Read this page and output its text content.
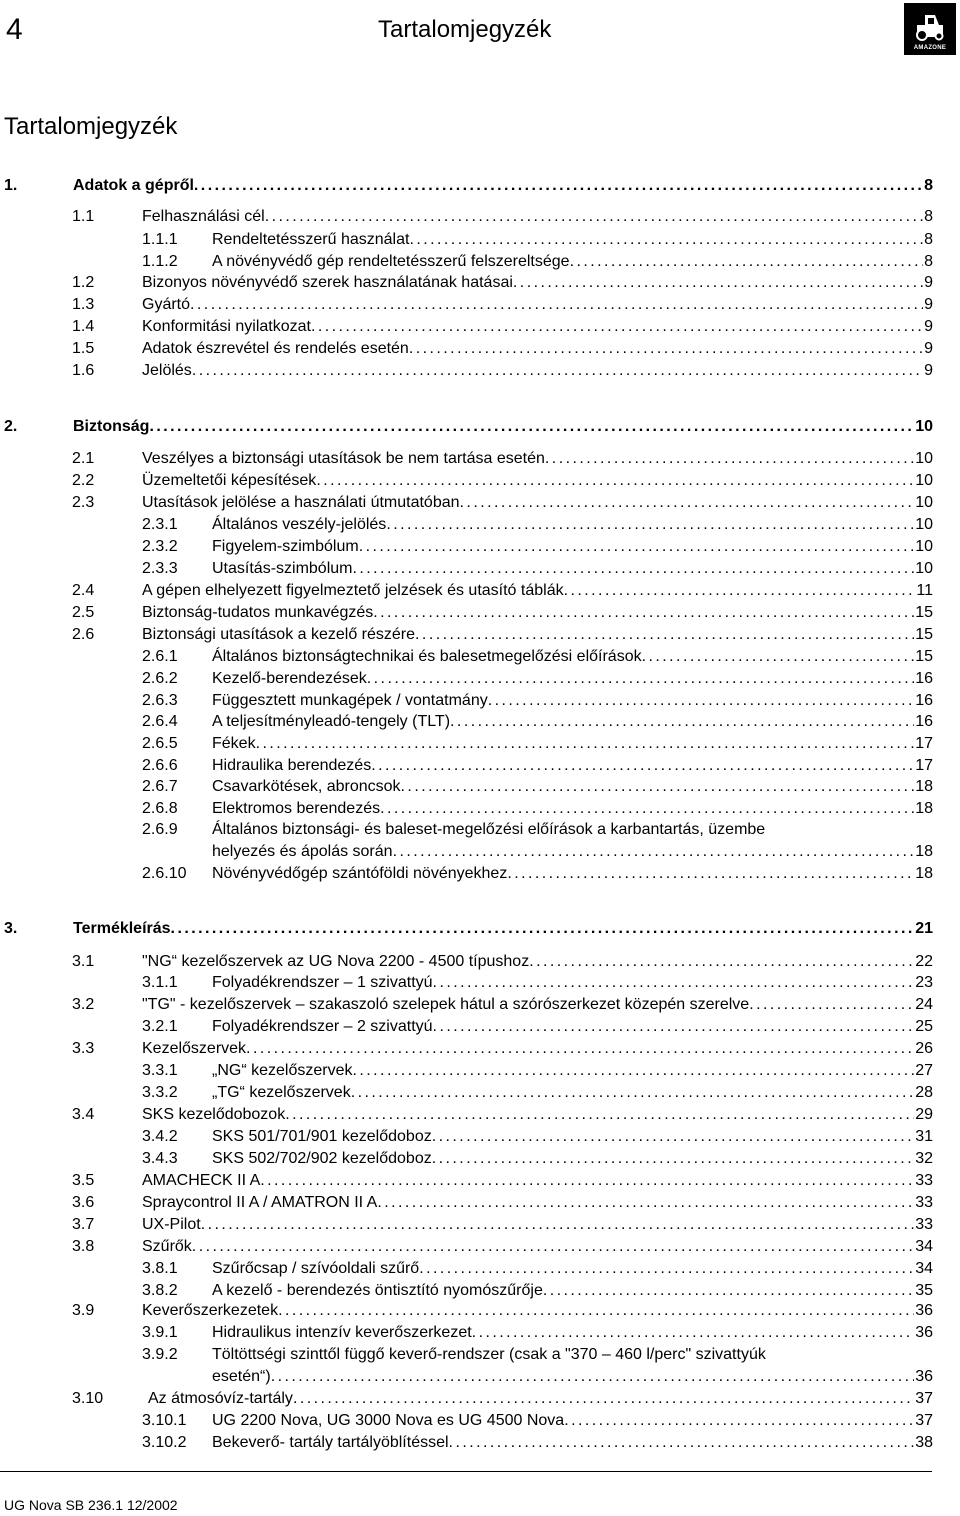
4	Tartalomjegyzék
AMAZONE
Tartalomjegyzék
1.	Adatok a gépről . . .	8
1.1	Felhasználási cél . . .	8
1.1.1 Rendeltetésszerű használat . . .	8
1.1.2 A növényvédő gép rendeltetésszerű felszereltsége . . .	8
1.2	Bizonyos növényvédő szerek használatának hatásai . . .	9
1.3	Gyártó . . .	9
1.4	Konformitási nyilatkozat . . .	9
1.5	Adatok észrevétel és rendelés esetén . . .	9
1.6	Jelölés . . .	9
2.	Biztonság . . .	10
2.1	Veszélyes a biztonsági utasítások be nem tartása esetén . . .	10
2.2	Üzemeltetői képesítések . . .	10
2.3	Utasítások jelölése a használati útmutatóban . . .	10
2.3.1 Általános veszély-jelölés . . .	10
2.3.2 Figyelem-szimbólum . . .	10
2.3.3 Utasítás-szimbólum . . .	10
2.4	A gépen elhelyezett figyelmeztető jelzések és utasító táblák . . .	11
2.5	Biztonság-tudatos munkavégzés . . .	15
2.6	Biztonsági utasítások a kezelő részére . . .	15
2.6.1 Általános biztonságtechnikai és balesetmegelőzési előírások . . .	15
2.6.2 Kezelő-berendezések . . .	16
2.6.3 Függesztett munkagépek / vontatmány . . .	16
2.6.4 A teljesítményleadó-tengely (TLT) . . .	16
2.6.5 Fékek . . .	17
2.6.6 Hidraulika berendezés . . .	17
2.6.7 Csavarkötések, abroncsok . . .	18
2.6.8 Elektromos berendezés . . .	18
2.6.9 Általános biztonsági- és baleset-megelőzési előírások a karbantartás, üzembe
helyezés és ápolás során . . .	18
2.6.10 Növényvédőgép szántóföldi növényekhez . . .	18
3.	Termékleírás . . .	21
3.1	"NG“ kezelőszervek az UG Nova 2200 - 4500 típushoz . . .	22
3.1.1 Folyadékrendszer – 1 szivattyú . . .	23
3.2	"TG" - kezelőszervek – szakaszoló szelepek hátul a szórószerkezet közepén szerelve . . .	24
3.2.1 Folyadékrendszer – 2 szivattyú . . .	25
3.3	Kezelőszervek . . .	26
3.3.1 „NG“ kezelőszervek . . .	27
3.3.2 „TG“ kezelőszervek . . .	28
3.4	SKS kezelődobozok . . .	29
3.4.2 SKS 501/701/901 kezelődoboz . . .	31
3.4.3 SKS 502/702/902 kezelődoboz . . .	32
3.5	AMACHECK II A . . .	33
3.6	Spraycontrol II A / AMATRON II A . . .	33
3.7	UX-Pilot . . .	33
3.8	Szűrők . . .	34
3.8.1 Szűrőcsap / szívóoldali szűrő . . .	34
3.8.2 A kezelő - berendezés öntisztító nyomószűrője . . .	35
3.9	Keverőszerkezetek . . .	36
3.9.1 Hidraulikus intenzív keverőszerkezet . . .	36
3.9.2 Töltöttségi szinttől függő keverő-rendszer (csak a "370 – 460 l/perc" szivattyúk
esetén“) . . .	36
3.10	Az átmosóvíz-tartály . . .	37
3.10.1 UG 2200 Nova, UG 3000 Nova es UG 4500 Nova . . .	37
3.10.2 Bekeverő- tartály tartályöblítéssel . . .	38
UG Nova SB 236.1 12/2002
